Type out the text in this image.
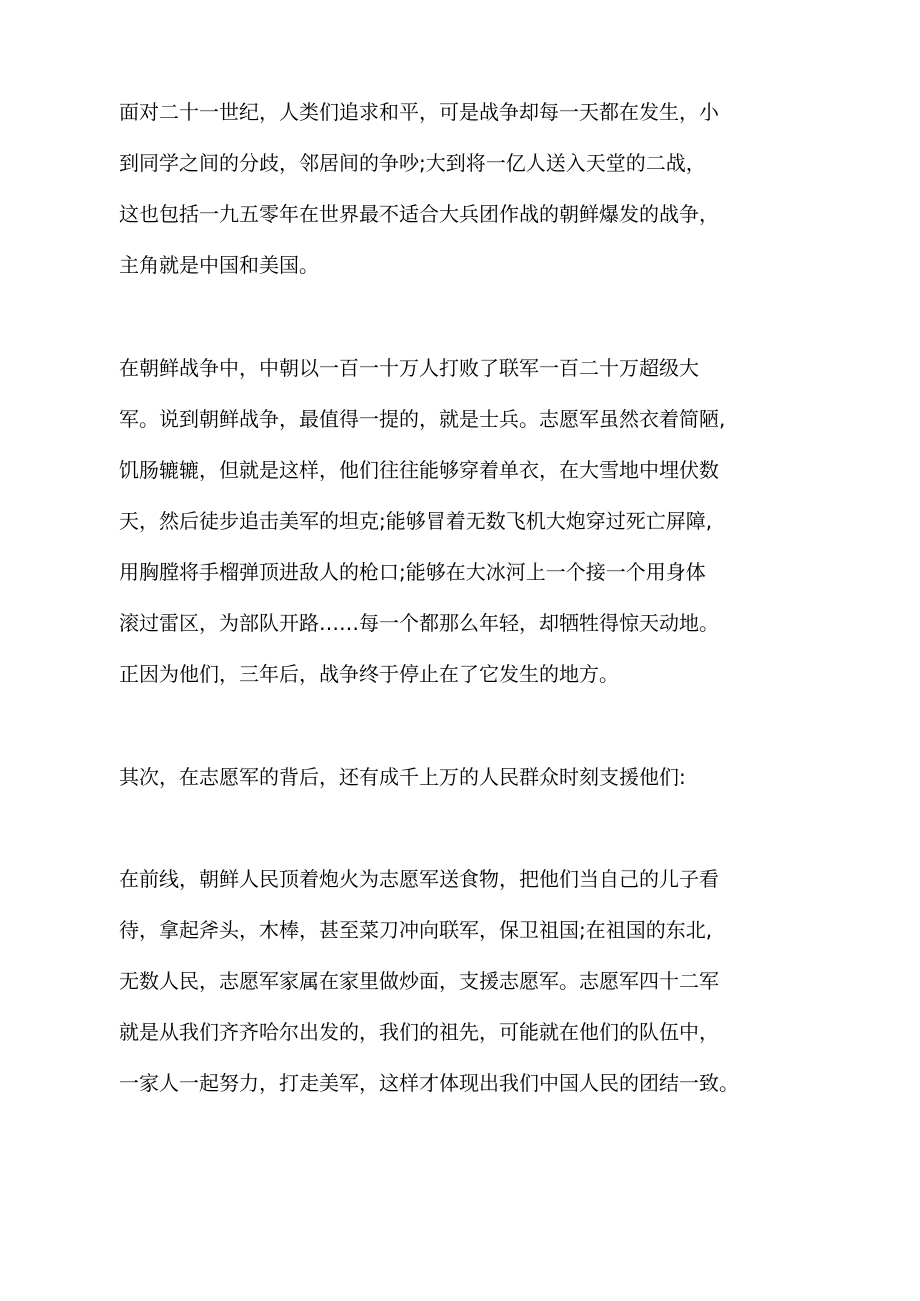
面对二十一世纪，人类们追求和平，可是战争却每一天都在发生，小
到同学之间的分歧，邻居间的争吵;大到将一亿人送入天堂的二战，
这也包括一九五零年在世界最不适合大兵团作战的朝鲜爆发的战争，
主角就是中国和美国。
在朝鲜战争中，中朝以一百一十万人打败了联军一百二十万超级大
军。说到朝鲜战争，最值得一提的，就是士兵。志愿军虽然衣着简陋,
饥肠辘辘，但就是这样，他们往往能够穿着单衣，在大雪地中埋伏数
天，然后徒步追击美军的坦克;能够冒着无数飞机大炮穿过死亡屏障,
用胸膛将手榴弹顶进敌人的枪口;能够在大冰河上一个接一个用身体
滚过雷区，为部队开路……每一个都那么年轻，却牺牲得惊天动地。
正因为他们，三年后，战争终于停止在了它发生的地方。
其次，在志愿军的背后，还有成千上万的人民群众时刻支援他们:
在前线，朝鲜人民顶着炮火为志愿军送食物，把他们当自己的儿子看
待，拿起斧头，木棒，甚至菜刀冲向联军，保卫祖国;在祖国的东北,
无数人民，志愿军家属在家里做炒面，支援志愿军。志愿军四十二军
就是从我们齐齐哈尔出发的，我们的祖先，可能就在他们的队伍中，
一家人一起努力，打走美军，这样才体现出我们中国人民的团结一致。
